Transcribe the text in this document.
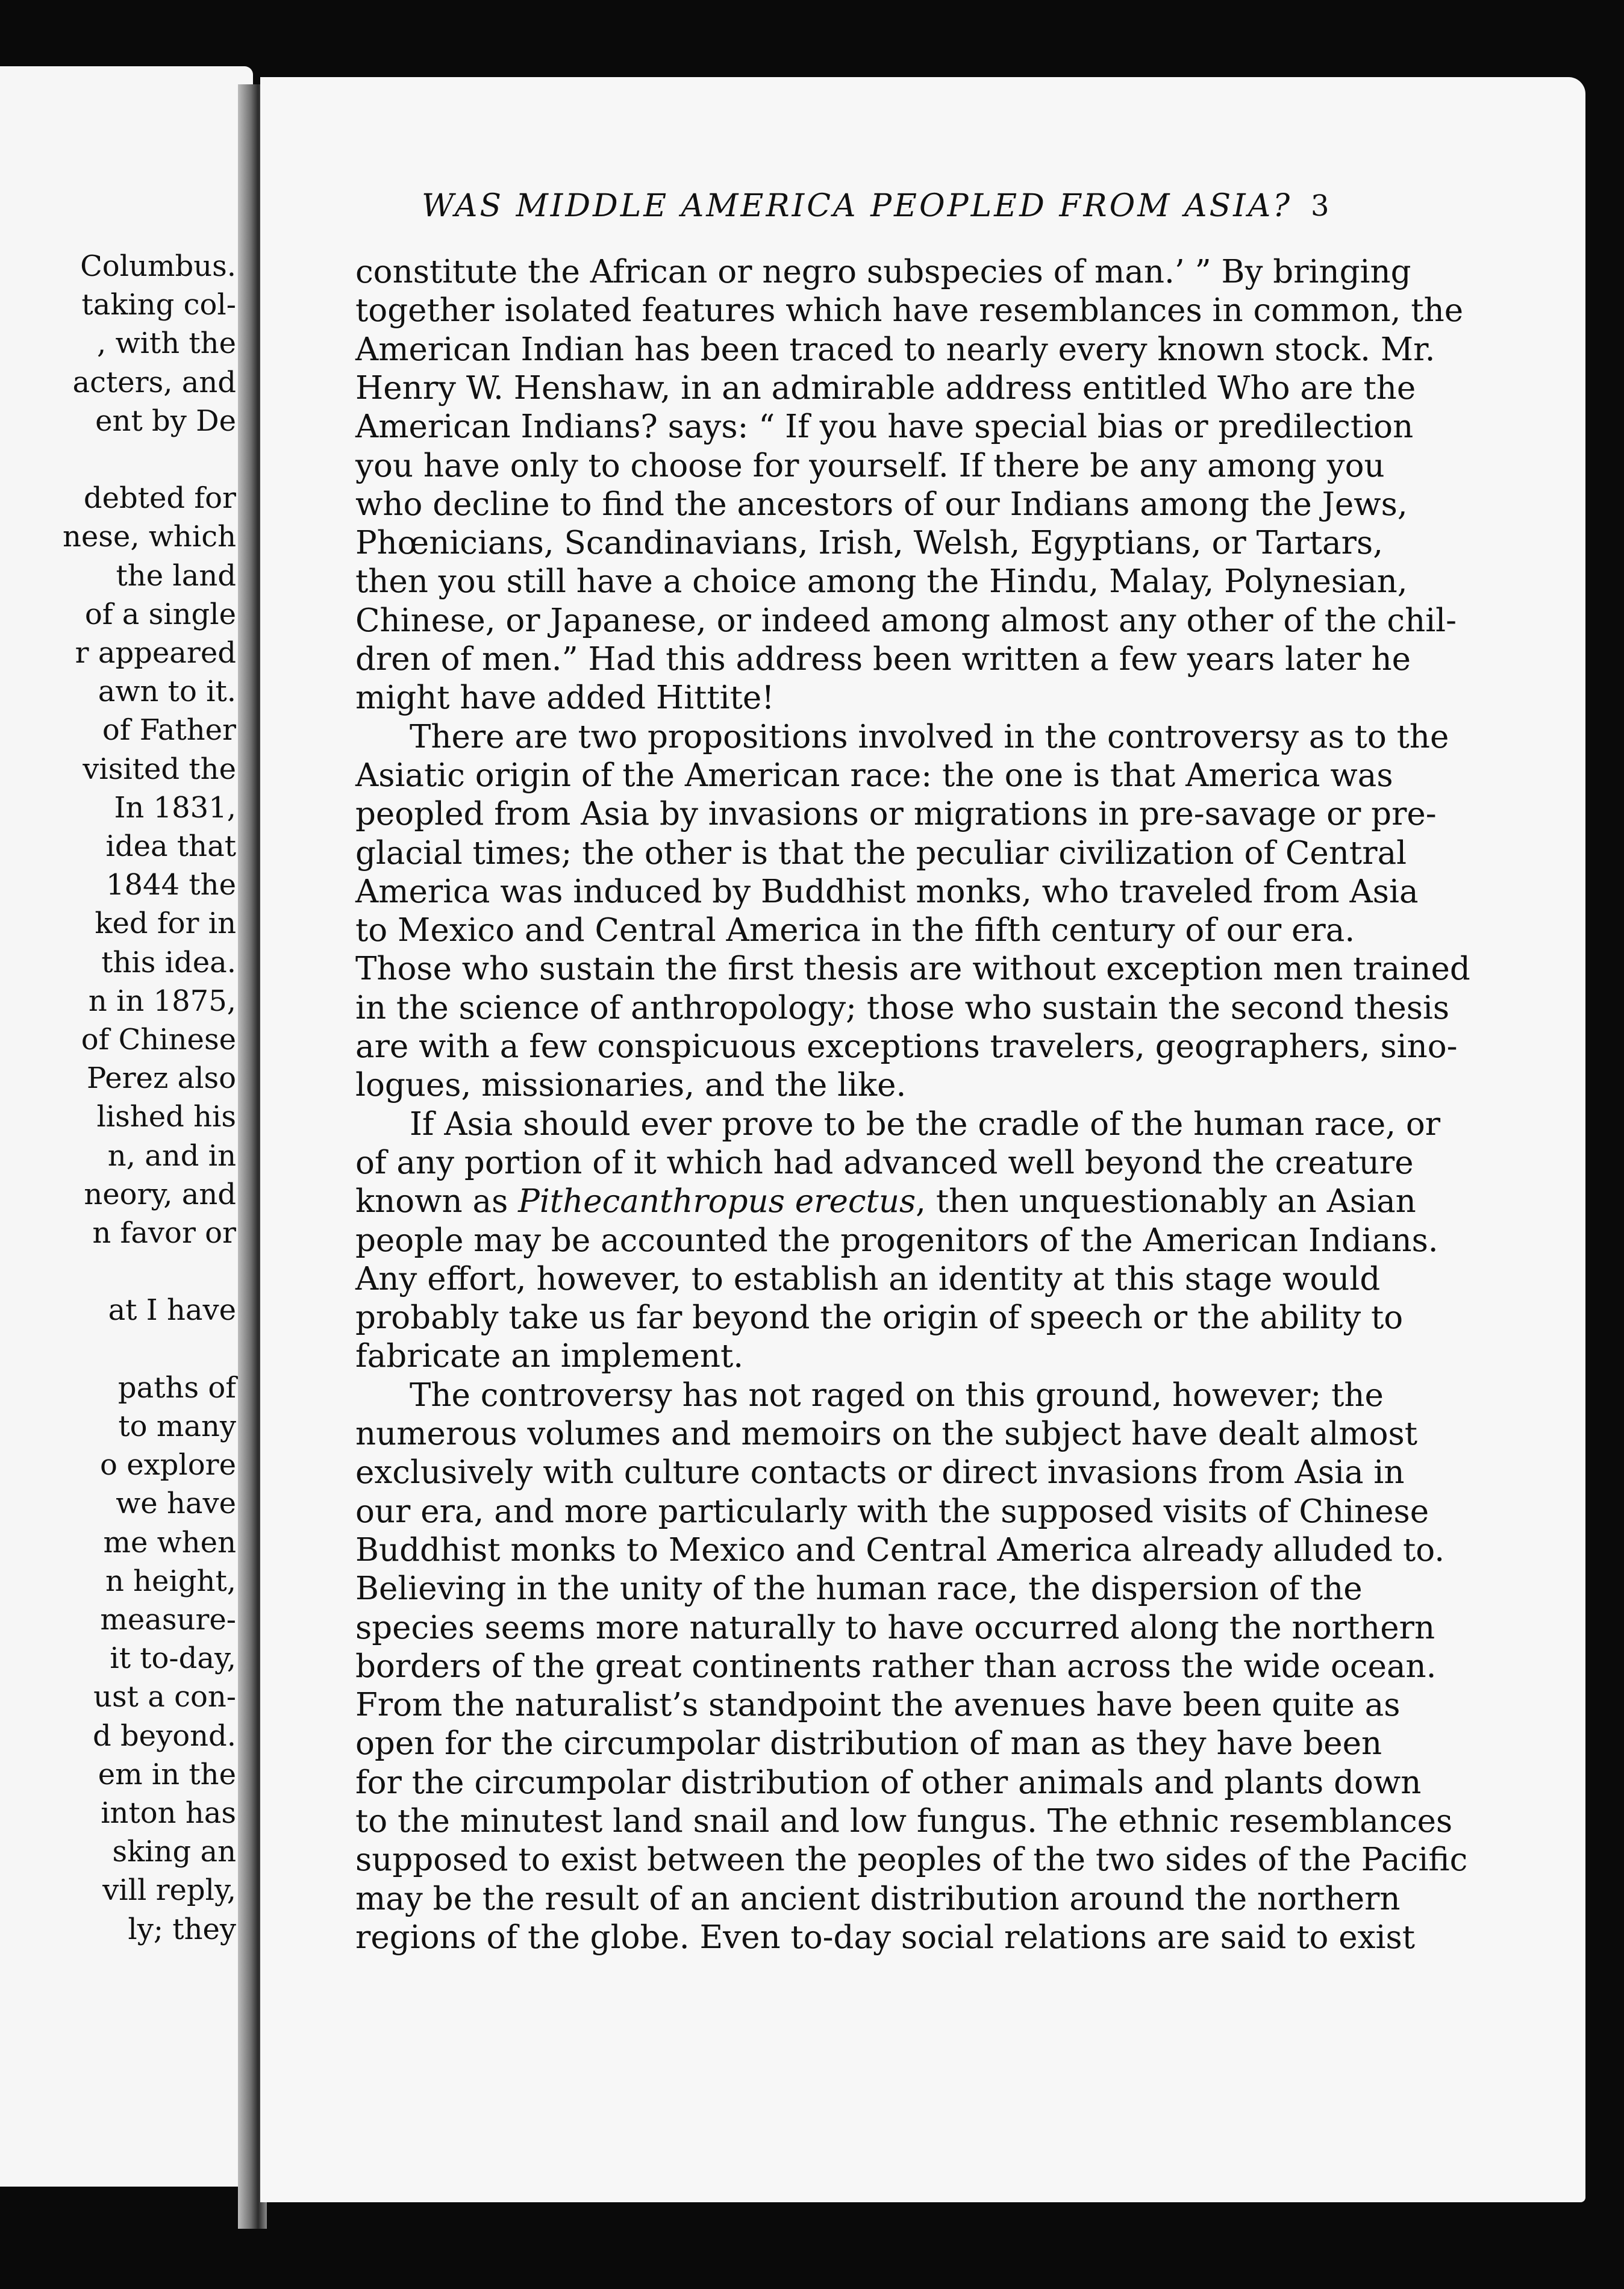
Columbus.
taking col-
, with the
acters, and
ent by De
debted for
nese, which
the land
of a single
r appeared
awn to it.
of Father
visited the
In 1831,
idea that
1844 the
ked for in
this idea.
n in 1875,
of Chinese
Perez also
lished his
n, and in
neory, and
n favor or
at I have
paths of
to many
o explore
we have
me when
n height,
measure-
it to-day,
ust a con-
d beyond.
em in the
inton has
sking an
vill reply,
ly; they
WAS MIDDLE AMERICA PEOPLED FROM ASIA?
constitute the African or negro subspecies of man.’ ” By bringing
together isolated features which have resemblances in common, the
American Indian has been traced to nearly every known stock. Mr.
Henry W. Henshaw, in an admirable address entitled Who are the
American Indians? says: “ If you have special bias or predilection
you have only to choose for yourself. If there be any among you
who decline to find the ancestors of our Indians among the Jews,
Phœnicians, Scandinavians, Irish, Welsh, Egyptians, or Tartars,
then you still have a choice among the Hindu, Malay, Polynesian,
Chinese, or Japanese, or indeed among almost any other of the chil-
dren of men.” Had this address been written a few years later he
might have added Hittite!
There are two propositions involved in the controversy as to the
Asiatic origin of the American race: the one is that America was
peopled from Asia by invasions or migrations in pre-savage or pre-
glacial times; the other is that the peculiar civilization of Central
America was induced by Buddhist monks, who traveled from Asia
to Mexico and Central America in the fifth century of our era.
Those who sustain the first thesis are without exception men trained
in the science of anthropology; those who sustain the second thesis
are with a few conspicuous exceptions travelers, geographers, sino-
logues, missionaries, and the like.
If Asia should ever prove to be the cradle of the human race, or
of any portion of it which had advanced well beyond the creature
known as Pithecanthropus erectus, then unquestionably an Asian
people may be accounted the progenitors of the American Indians.
Any effort, however, to establish an identity at this stage would
probably take us far beyond the origin of speech or the ability to
fabricate an implement.
The controversy has not raged on this ground, however; the
numerous volumes and memoirs on the subject have dealt almost
exclusively with culture contacts or direct invasions from Asia in
our era, and more particularly with the supposed visits of Chinese
Buddhist monks to Mexico and Central America already alluded to.
Believing in the unity of the human race, the dispersion of the
species seems more naturally to have occurred along the northern
borders of the great continents rather than across the wide ocean.
From the naturalist’s standpoint the avenues have been quite as
open for the circumpolar distribution of man as they have been
for the circumpolar distribution of other animals and plants down
to the minutest land snail and low fungus. The ethnic resemblances
supposed to exist between the peoples of the two sides of the Pacific
may be the result of an ancient distribution around the northern
regions of the globe. Even to-day social relations are said to exist
3
